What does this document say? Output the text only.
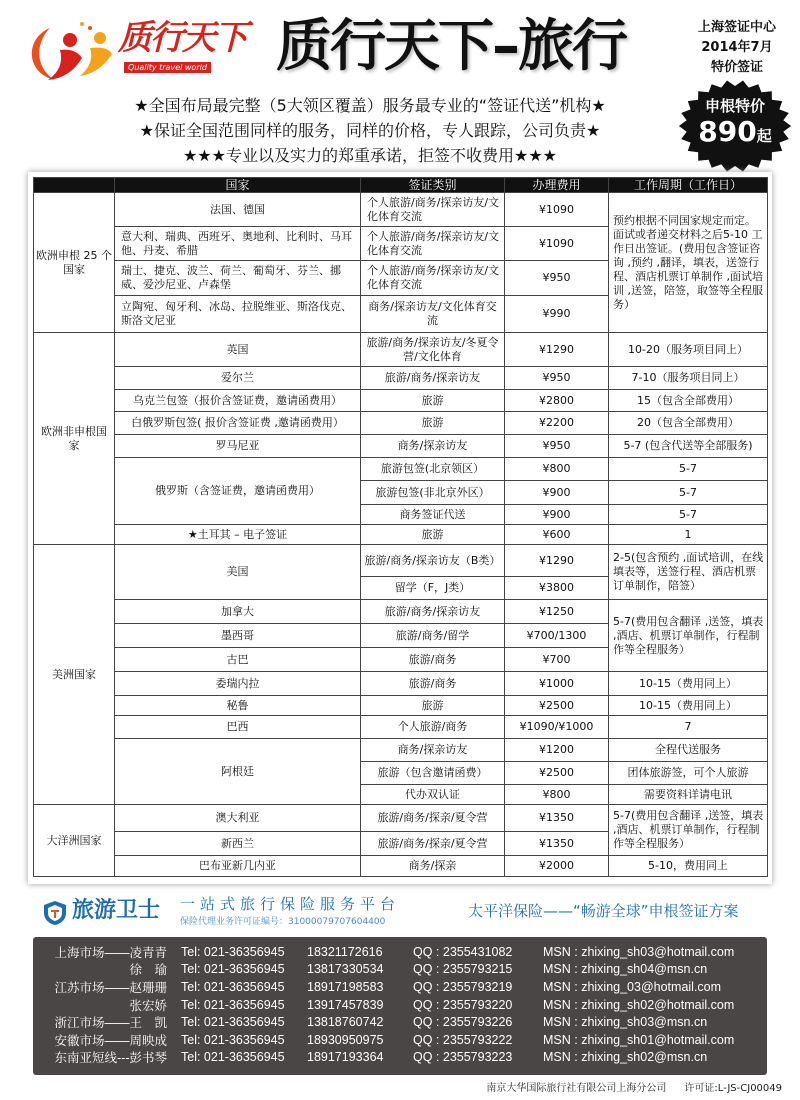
质行天下
Quality travel world 质行天下–旅行	上海签证中心
2014年7月
特价签证
申根特价
890起
★全国布局最完整（5大领区覆盖）服务最专业的“签证代送”机构★
★保证全国范围同样的服务，同样的价格，专人跟踪，公司负责★
★★★专业以及实力的郑重承诺，拒签不收费用★★★
	国家	签证类别	办理费用	工作周期（工作日）
欧洲申根 25 个国家	法国、德国	个人旅游/商务/探亲访友/文化体育交流	¥1090	预约根据不同国家规定而定。面试或者递交材料之后5-10 工作日出签证。(费用包含签证咨询 ,预约 ,翻译，填表，送签行程、酒店机票订单制作 ,面试培训 ,送签，陪签，取签等全程服务）
	意大利、瑞典、西班牙、奥地利、比利时、马耳他、丹麦、希腊	个人旅游/商务/探亲访友/文化体育交流	¥1090	
	瑞士、捷克、波兰、荷兰、葡萄牙、芬兰、挪威、爱沙尼亚、卢森堡	个人旅游/商务/探亲访友/文化体育交流	¥950	
	立陶宛、匈牙利、冰岛、拉脱维亚、斯洛伐克、斯洛文尼亚	商务/探亲访友/文化体育交流	¥990	
欧洲非申根国家	英国	旅游/商务/探亲访友/冬夏令营/文化体育	¥1290	10-20（服务项目同上）
	爱尔兰	旅游/商务/探亲访友	¥950	7-10（服务项目同上）
	乌克兰包签（报价含签证费，邀请函费用）	旅游	¥2800	15（包含全部费用）
	白俄罗斯包签( 报价含签证费 ,邀请函费用）	旅游	¥2200	20（包含全部费用）
	罗马尼亚	商务/探亲访友	¥950	5-7 (包含代送等全部服务)
	俄罗斯（含签证费，邀请函费用）	旅游包签(北京领区）	¥800	5-7
		旅游包签(非北京外区）	¥900	5-7
		商务签证代送	¥900	5-7
	★土耳其 – 电子签证	旅游	¥600	1
美洲国家	美国	旅游/商务/探亲访友（B类）	¥1290	2-5(包含预约 ,面试培训，在线填表等，送签行程、酒店机票订单制作，陪签）
		留学（F，J类）	¥3800	
	加拿大	旅游/商务/探亲访友	¥1250	5-7(费用包含翻译 ,送签，填表 ,酒店、机票订单制作，行程制作等全程服务）
	墨西哥	旅游/商务/留学	¥700/1300	
	古巴	旅游/商务	¥700	
	委瑞内拉	旅游/商务	¥1000	10-15（费用同上）
	秘鲁	旅游	¥2500	10-15（费用同上）
	巴西	个人旅游/商务	¥1090/¥1000	7
	阿根廷	商务/探亲访友	¥1200	全程代送服务
		旅游（包含邀请函费）	¥2500	团体旅游签，可个人旅游
		代办双认证	¥800	需要资料详请电讯
大洋洲国家	澳大利亚	旅游/商务/探亲/夏令营	¥1350	5-7(费用包含翻译 ,送签，填表 ,酒店、机票订单制作，行程制作等全程服务）
	新西兰	旅游/商务/探亲/夏令营	¥1350	
	巴布亚新几内亚	商务/探亲	¥2000	5-10，费用同上
旅游卫士 一站式旅行保险服务平台
保险代理业务许可证编号：31000079707604400
太平洋保险——“畅游全球”申根签证方案
上海市场——凌青青	Tel: 021-36356945	18321172616	QQ : 2355431082	MSN : zhixing_sh03@hotmail.com
徐　瑜	Tel: 021-36356945	13817330534	QQ : 2355793215	MSN : zhixing_sh04@msn.cn
江苏市场——赵珊珊	Tel: 021-36356945	18917198583	QQ : 2355793219	MSN : zhixing_03@hotmail.com
张宏娇	Tel: 021-36356945	13917457839	QQ : 2355793220	MSN : zhixing_sh02@hotmail.com
浙江市场——王　凯	Tel: 021-36356945	13818760742	QQ : 2355793226	MSN : zhixing_sh03@msn.cn
安徽市场——周映成	Tel: 021-36356945	18930950975	QQ : 2355793222	MSN : zhixing_sh01@hotmail.com
东南亚短线---彭书琴	Tel: 021-36356945	18917193364	QQ : 2355793223	MSN : zhixing_sh02@msn.cn
南京大华国际旅行社有限公司上海分公司 许可证:L-JS-CJ00049
